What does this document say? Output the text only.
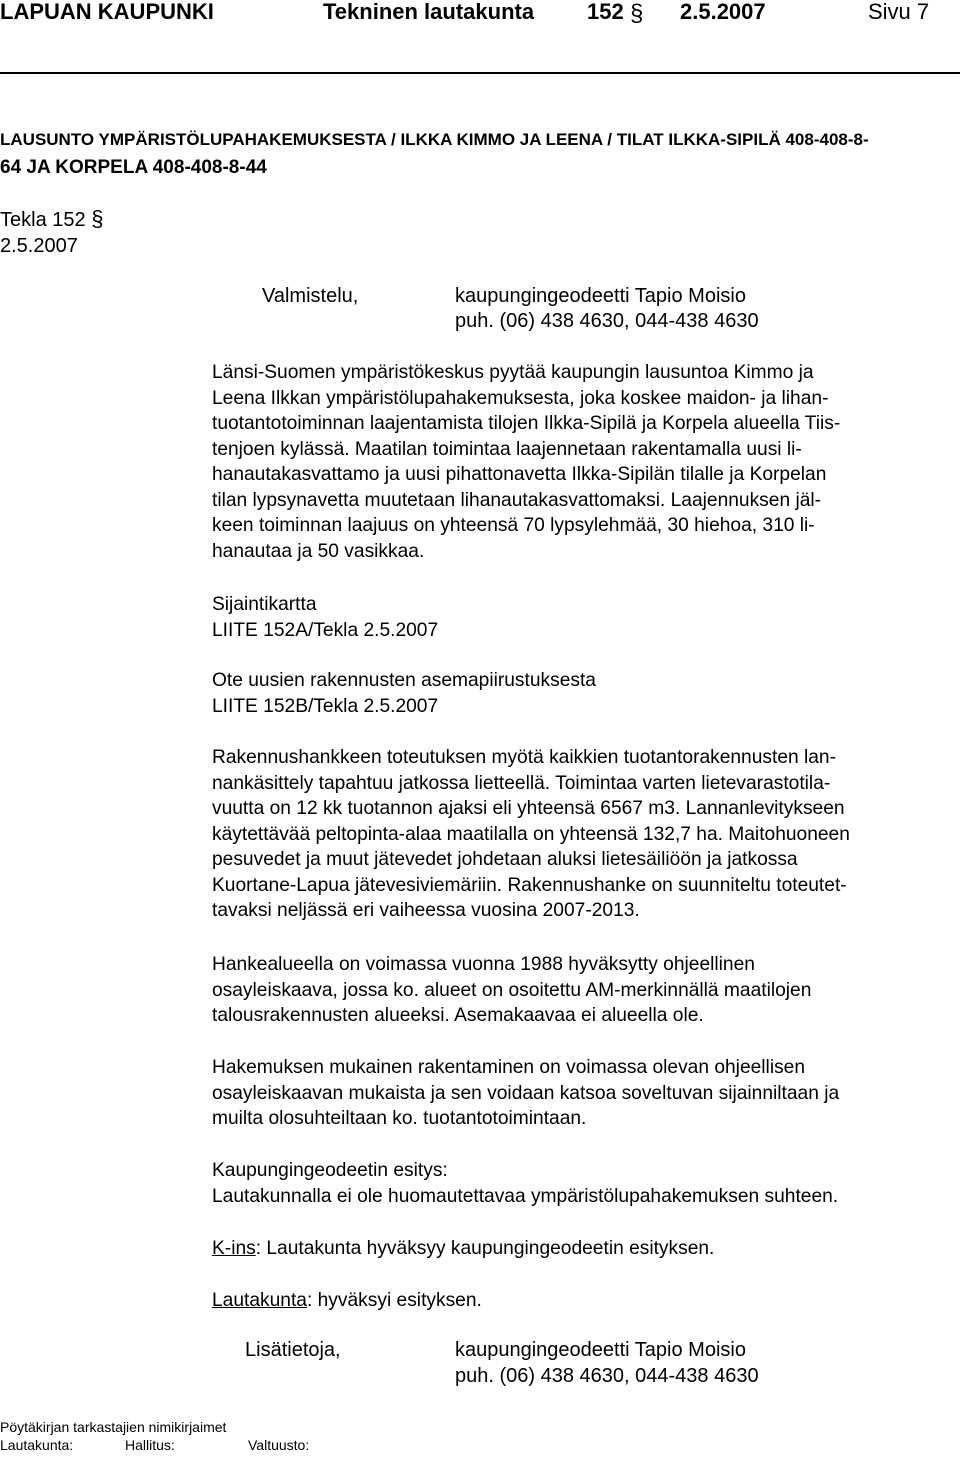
LAPUAN KAUPUNKI	Tekninen lautakunta 152 § 2.5.2007	Sivu 7
LAUSUNTO YMPÄRISTÖLUPAHAKEMUKSESTA / ILKKA KIMMO JA LEENA / TILAT ILKKA-SIPILÄ 408-408-8-
64 JA KORPELA 408-408-8-44
Tekla 152 §
2.5.2007
Valmistelu,	kaupungingeodeetti Tapio Moisio
puh. (06) 438 4630, 044-438 4630
Länsi-Suomen ympäristökeskus pyytää kaupungin lausuntoa Kimmo ja
Leena Ilkkan ympäristölupahakemuksesta, joka koskee maidon- ja lihan-
tuotantotoiminnan laajentamista tilojen Ilkka-Sipilä ja Korpela alueella Tiis-
tenjoen kylässä. Maatilan toimintaa laajennetaan rakentamalla uusi li-
hanautakasvattamo ja uusi pihattonavetta Ilkka-Sipilän tilalle ja Korpelan
tilan lypsynavetta muutetaan lihanautakasvattomaksi. Laajennuksen jäl-
keen toiminnan laajuus on yhteensä 70 lypsylehmää, 30 hiehoa, 310 li-
hanautaa ja 50 vasikkaa.
Sijaintikartta
LIITE 152A/Tekla 2.5.2007
Ote uusien rakennusten asemapiirustuksesta
LIITE 152B/Tekla 2.5.2007
Rakennushankkeen toteutuksen myötä kaikkien tuotantorakennusten lan-
nankäsittely tapahtuu jatkossa lietteellä. Toimintaa varten lietevarastotila-
vuutta on 12 kk tuotannon ajaksi eli yhteensä 6567 m3. Lannanlevitykseen
käytettävää peltopinta-alaa maatilalla on yhteensä 132,7 ha. Maitohuoneen
pesuvedet ja muut jätevedet johdetaan aluksi lietesäiliöön ja jatkossa
Kuortane-Lapua jätevesiviemäriin. Rakennushanke on suunniteltu toteutet-
tavaksi neljässä eri vaiheessa vuosina 2007-2013.
Hankealueella on voimassa vuonna 1988 hyväksytty ohjeellinen
osayleiskaava, jossa ko. alueet on osoitettu AM-merkinnällä maatilojen
talousrakennusten alueeksi. Asemakaavaa ei alueella ole.
Hakemuksen mukainen rakentaminen on voimassa olevan ohjeellisen
osayleiskaavan mukaista ja sen voidaan katsoa soveltuvan sijainniltaan ja
muilta olosuhteiltaan ko. tuotantotoimintaan.
Kaupungingeodeetin esitys:
Lautakunnalla ei ole huomautettavaa ympäristölupahakemuksen suhteen.
K-ins: Lautakunta hyväksyy kaupungingeodeetin esityksen.
Lautakunta: hyväksyi esityksen.
Lisätietoja,	kaupungingeodeetti Tapio Moisio
puh. (06) 438 4630, 044-438 4630
Pöytäkirjan tarkastajien nimikirjaimet
Lautakunta:	Hallitus:	Valtuusto:
